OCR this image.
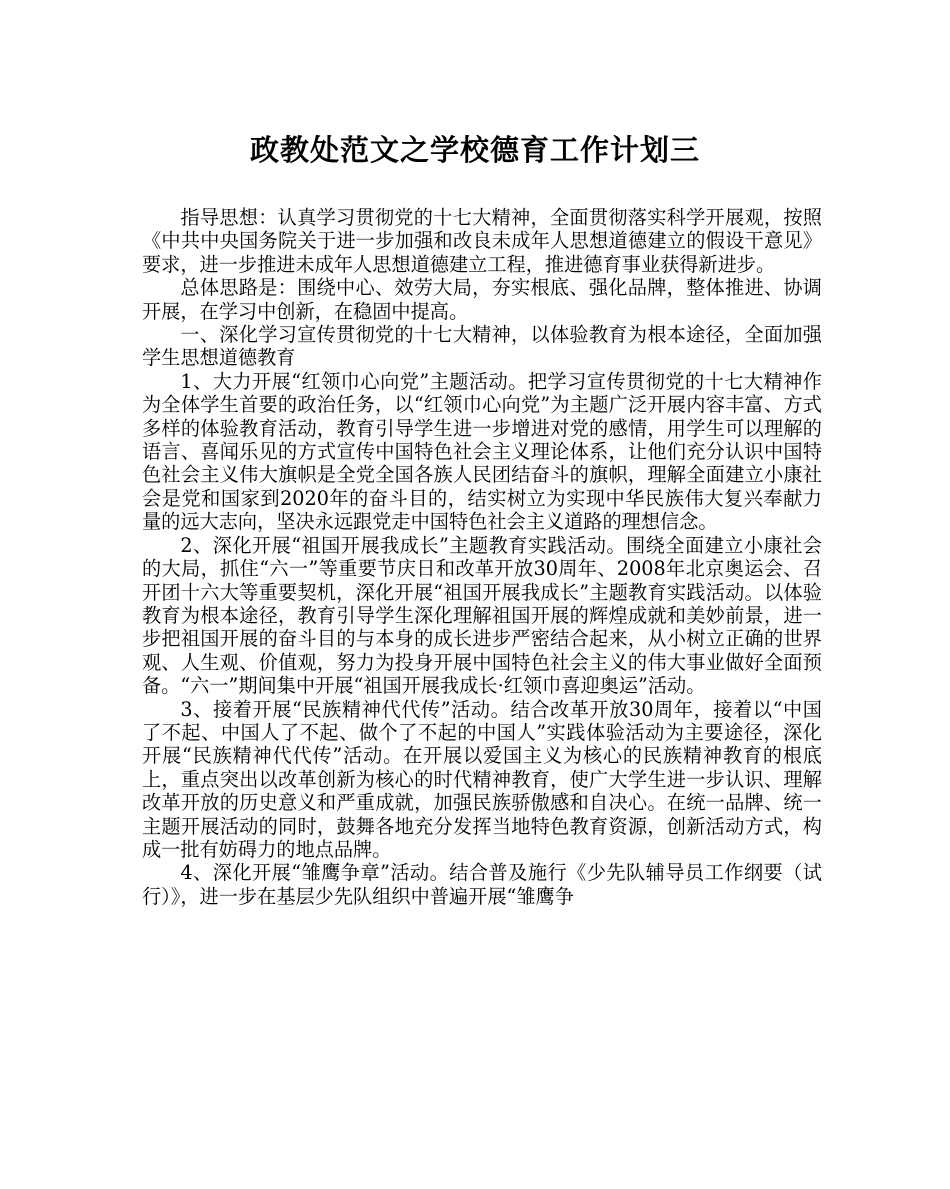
政教处范文之学校德育工作计划三

指导思想：认真学习贯彻党的十七大精神，全面贯彻落实科学开展观，按照《中共中央国务院关于进一步加强和改良未成年人思想道德建立的假设干意见》要求，进一步推进未成年人思想道德建立工程，推进德育事业获得新进步。

总体思路是：围绕中心、效劳大局，夯实根底、强化品牌，整体推进、协调开展，在学习中创新，在稳固中提高。

一、深化学习宣传贯彻党的十七大精神，以体验教育为根本途径，全面加强学生思想道德教育

1、大力开展“红领巾心向党”主题活动。把学习宣传贯彻党的十七大精神作为全体学生首要的政治任务，以“红领巾心向党”为主题广泛开展内容丰富、方式多样的体验教育活动，教育引导学生进一步增进对党的感情，用学生可以理解的语言、喜闻乐见的方式宣传中国特色社会主义理论体系，让他们充分认识中国特色社会主义伟大旗帜是全党全国各族人民团结奋斗的旗帜，理解全面建立小康社会是党和国家到2020年的奋斗目的，结实树立为实现中华民族伟大复兴奉献力量的远大志向，坚决永远跟党走中国特色社会主义道路的理想信念。

2、深化开展“祖国开展我成长”主题教育实践活动。围绕全面建立小康社会的大局，抓住“六一”等重要节庆日和改革开放30周年、2008年北京奥运会、召开团十六大等重要契机，深化开展“祖国开展我成长”主题教育实践活动。以体验教育为根本途径，教育引导学生深化理解祖国开展的辉煌成就和美妙前景，进一步把祖国开展的奋斗目的与本身的成长进步严密结合起来，从小树立正确的世界观、人生观、价值观，努力为投身开展中国特色社会主义的伟大事业做好全面预备。“六一”期间集中开展“祖国开展我成长·红领巾喜迎奥运”活动。

3、接着开展“民族精神代代传”活动。结合改革开放30周年，接着以“中国了不起、中国人了不起、做个了不起的中国人”实践体验活动为主要途径，深化开展“民族精神代代传”活动。在开展以爱国主义为核心的民族精神教育的根底上，重点突出以改革创新为核心的时代精神教育，使广大学生进一步认识、理解改革开放的历史意义和严重成就，加强民族骄傲感和自决心。在统一品牌、统一主题开展活动的同时，鼓舞各地充分发挥当地特色教育资源，创新活动方式，构成一批有妨碍力的地点品牌。

4、深化开展“雏鹰争章”活动。结合普及施行《少先队辅导员工作纲要（试行）》，进一步在基层少先队组织中普遍开展“雏鹰争
